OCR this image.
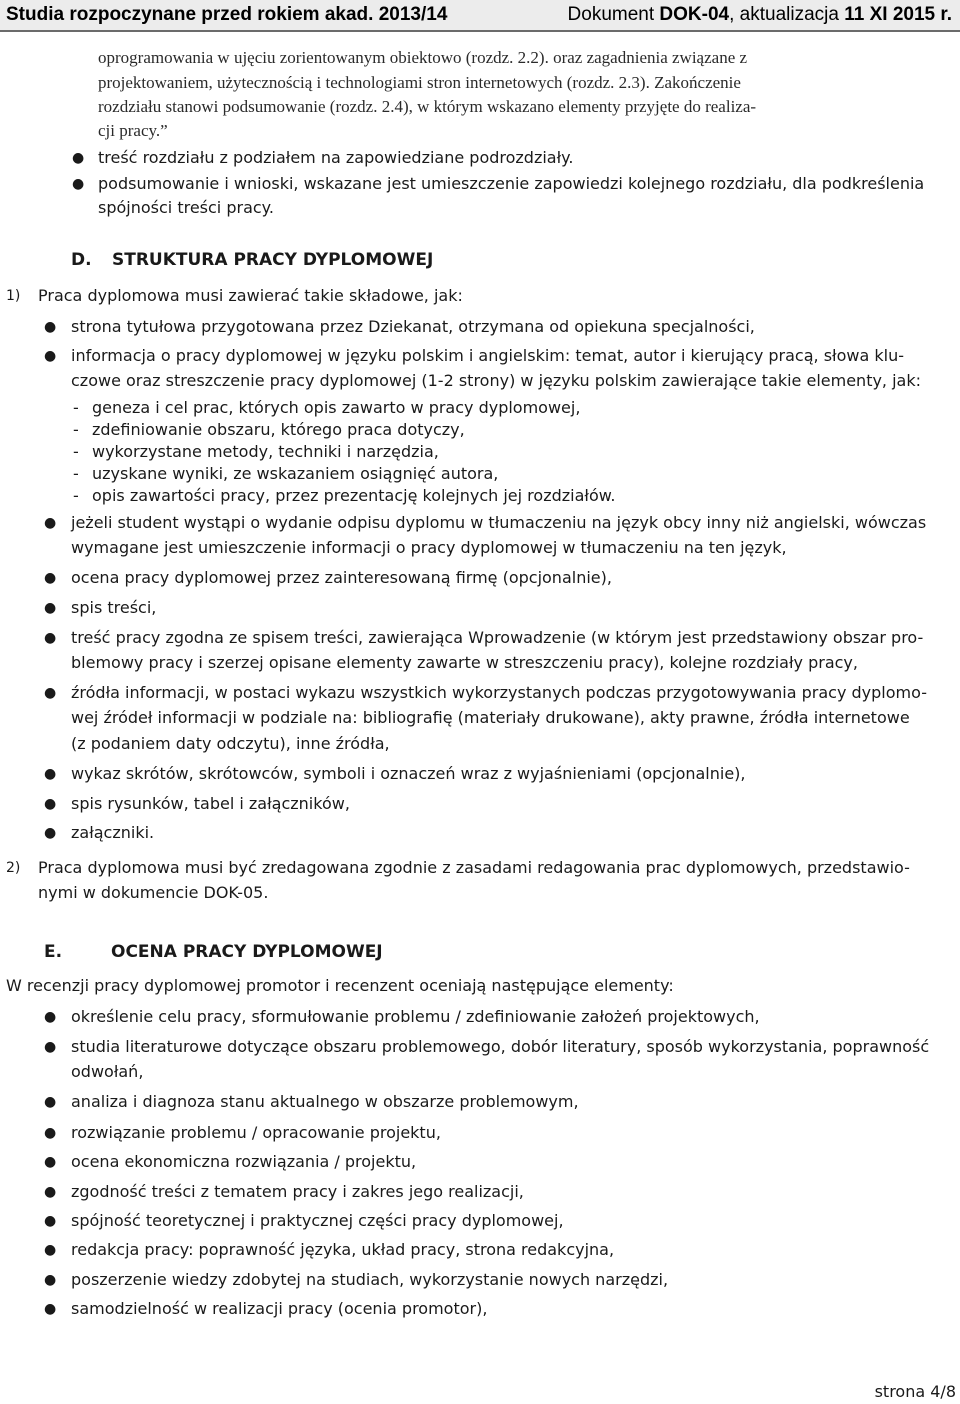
Studia rozpoczynane przed rokiem akad. 2013/14	Dokument DOK-04, aktualizacja 11 XI 2015 r.
oprogramowania w ujęciu zorientowanym obiektowo (rozdz. 2.2). oraz zagadnienia związane z
projektowaniem, użytecznością i technologiami stron internetowych (rozdz. 2.3). Zakończenie
rozdziału stanowi podsumowanie (rozdz. 2.4), w którym wskazano elementy przyjęte do realiza-
cji pracy.”
● treść rozdziału z podziałem na zapowiedziane podrozdziały.
● podsumowanie i wnioski, wskazane jest umieszczenie zapowiedzi kolejnego rozdziału, dla podkreślenia
spójności treści pracy.
D. STRUKTURA PRACY DYPLOMOWEJ
1) Praca dyplomowa musi zawierać takie składowe, jak:
● strona tytułowa przygotowana przez Dziekanat, otrzymana od opiekuna specjalności,
● informacja o pracy dyplomowej w języku polskim i angielskim: temat, autor i kierujący pracą, słowa klu-
czowe oraz streszczenie pracy dyplomowej (1-2 strony) w języku polskim zawierające takie elementy, jak:
- geneza i cel prac, których opis zawarto w pracy dyplomowej,
- zdefiniowanie obszaru, którego praca dotyczy,
- wykorzystane metody, techniki i narzędzia,
- uzyskane wyniki, ze wskazaniem osiągnięć autora,
- opis zawartości pracy, przez prezentację kolejnych jej rozdziałów.
● jeżeli student wystąpi o wydanie odpisu dyplomu w tłumaczeniu na język obcy inny niż angielski, wówczas
wymagane jest umieszczenie informacji o pracy dyplomowej w tłumaczeniu na ten język,
● ocena pracy dyplomowej przez zainteresowaną firmę (opcjonalnie),
● spis treści,
● treść pracy zgodna ze spisem treści, zawierająca Wprowadzenie (w którym jest przedstawiony obszar pro-
blemowy pracy i szerzej opisane elementy zawarte w streszczeniu pracy), kolejne rozdziały pracy,
● źródła informacji, w postaci wykazu wszystkich wykorzystanych podczas przygotowywania pracy dyplomo-
wej źródeł informacji w podziale na: bibliografię (materiały drukowane), akty prawne, źródła internetowe
(z podaniem daty odczytu), inne źródła,
● wykaz skrótów, skrótowców, symboli i oznaczeń wraz z wyjaśnieniami (opcjonalnie),
● spis rysunków, tabel i załączników,
● załączniki.
2) Praca dyplomowa musi być zredagowana zgodnie z zasadami redagowania prac dyplomowych, przedstawio-
nymi w dokumencie DOK-05.
E.	OCENA PRACY DYPLOMOWEJ
W recenzji pracy dyplomowej promotor i recenzent oceniają następujące elementy:
● określenie celu pracy, sformułowanie problemu / zdefiniowanie założeń projektowych,
● studia literaturowe dotyczące obszaru problemowego, dobór literatury, sposób wykorzystania, poprawność
odwołań,
● analiza i diagnoza stanu aktualnego w obszarze problemowym,
● rozwiązanie problemu / opracowanie projektu,
● ocena ekonomiczna rozwiązania / projektu,
● zgodność treści z tematem pracy i zakres jego realizacji,
● spójność teoretycznej i praktycznej części pracy dyplomowej,
● redakcja pracy: poprawność języka, układ pracy, strona redakcyjna,
● poszerzenie wiedzy zdobytej na studiach, wykorzystanie nowych narzędzi,
● samodzielność w realizacji pracy (ocenia promotor),
strona 4/8
